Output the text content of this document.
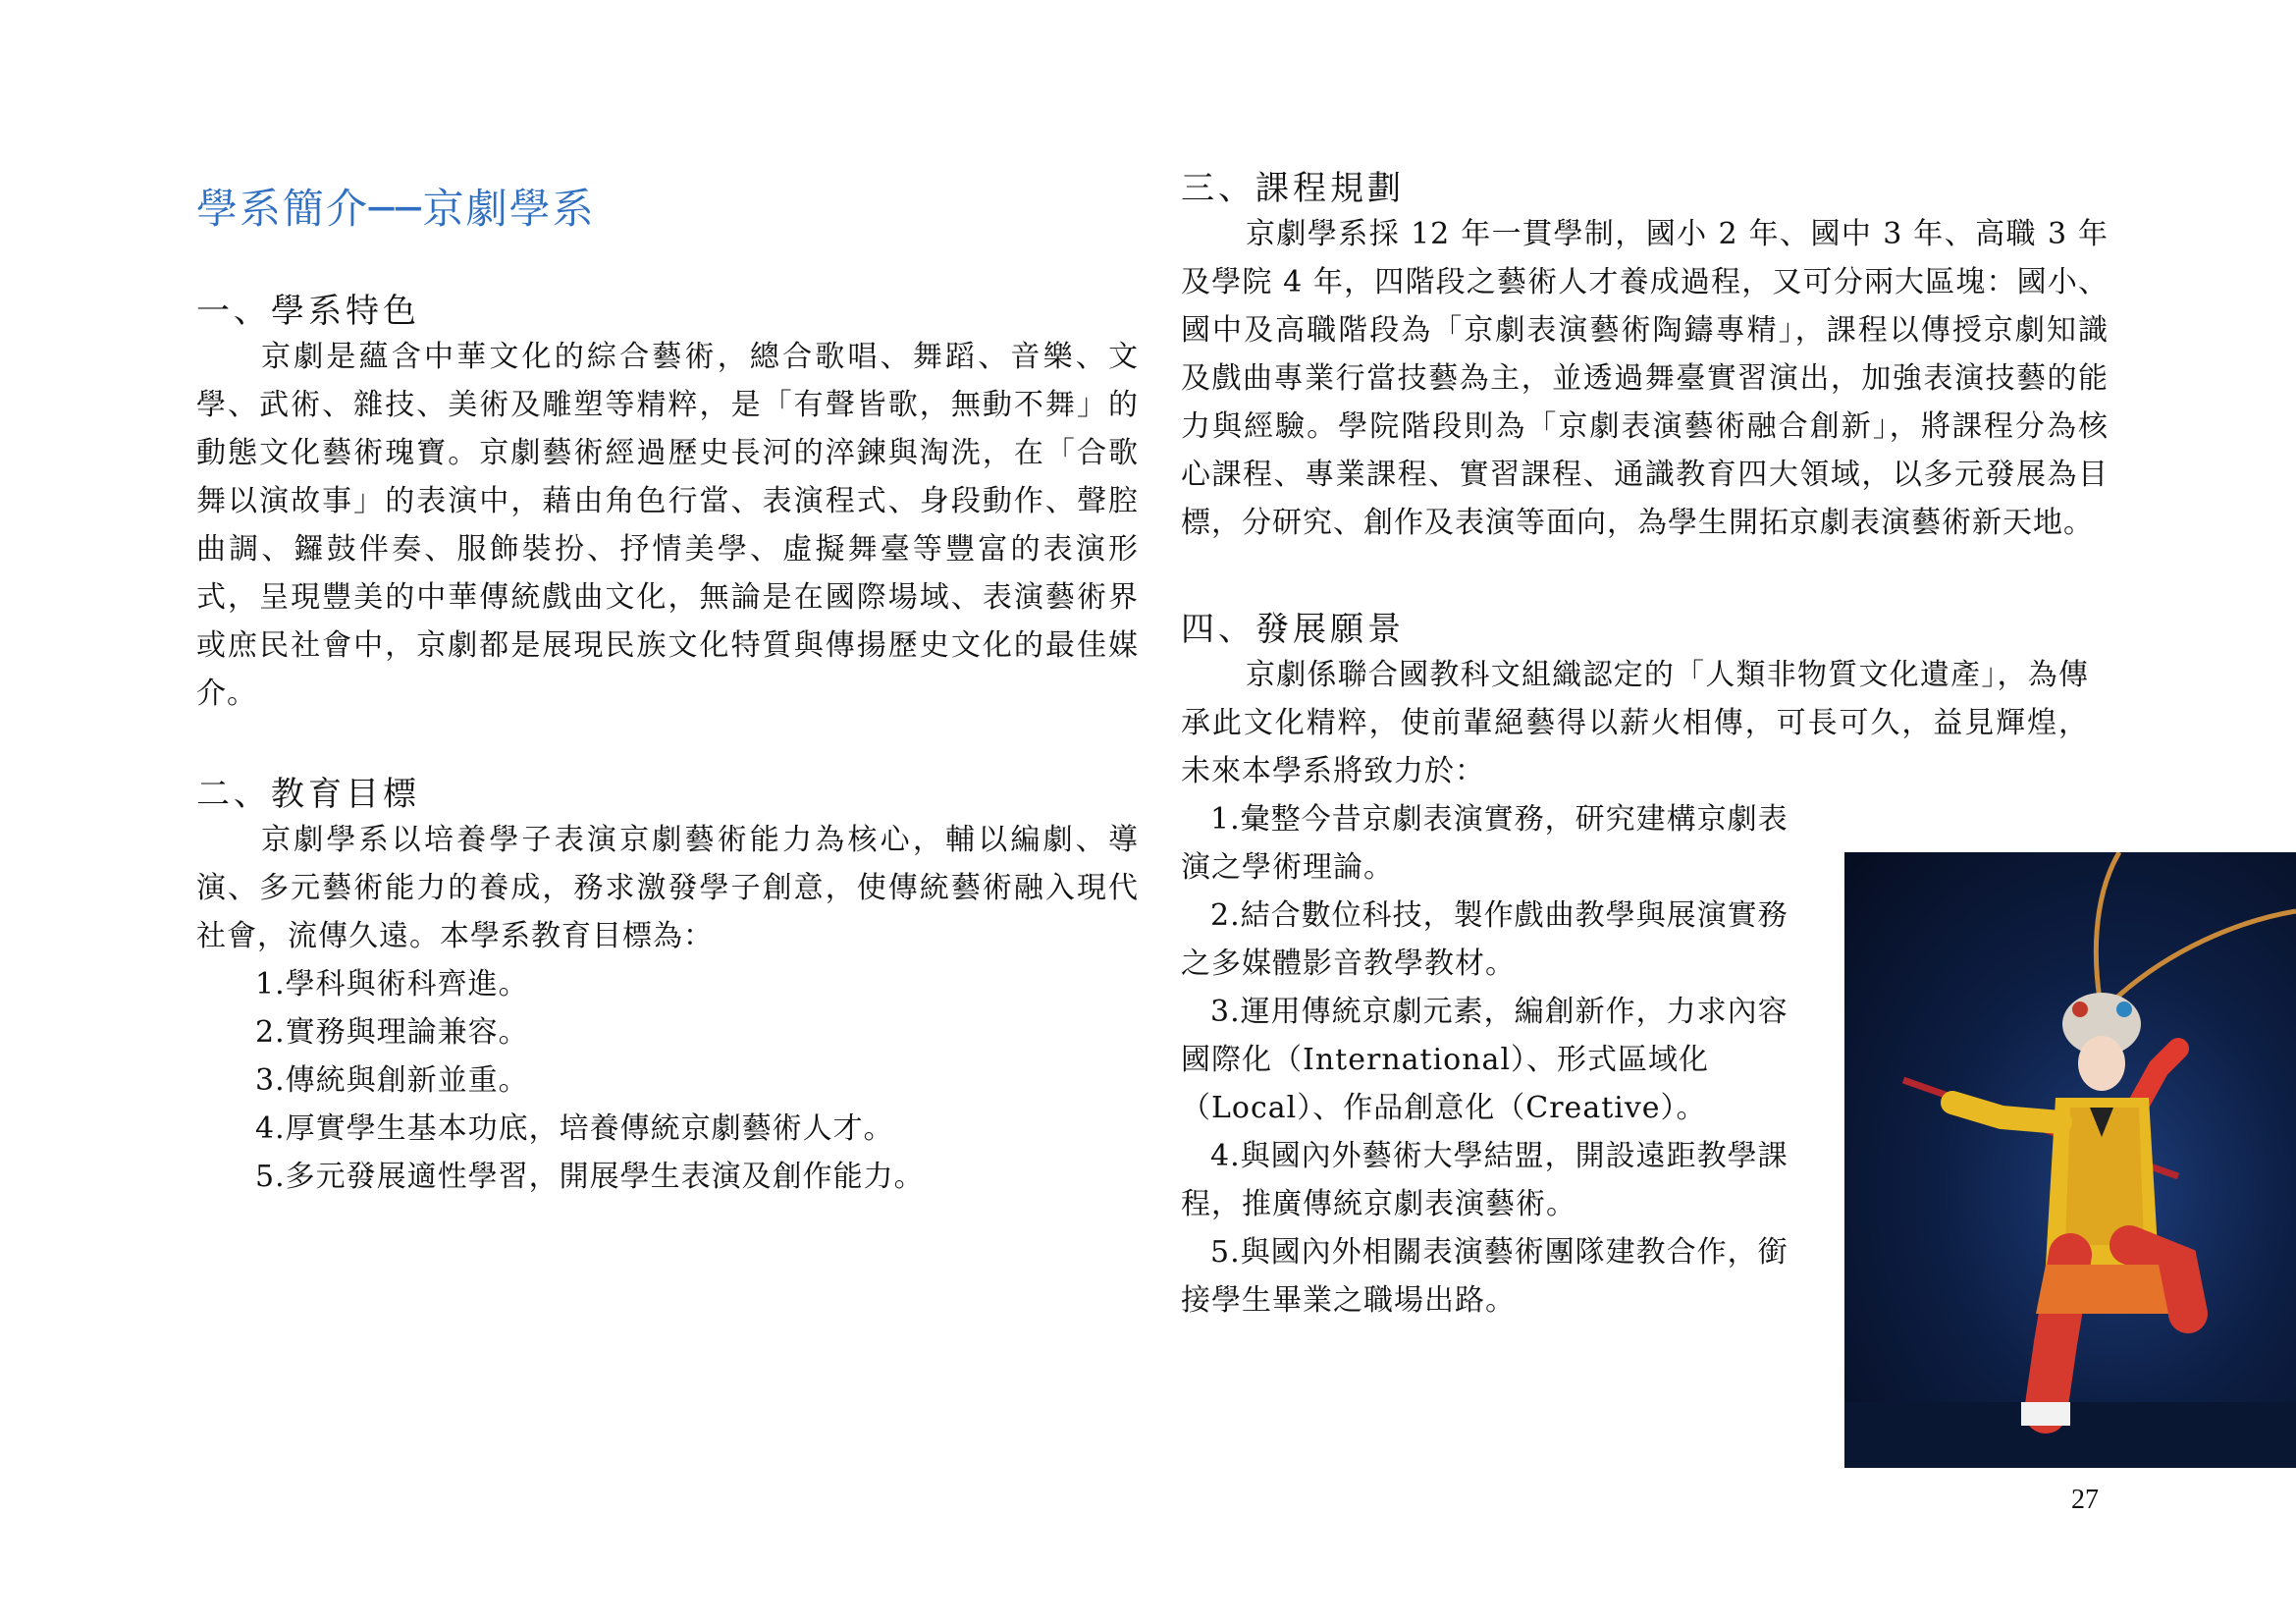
學系簡介──京劇學系
一、學系特色

京劇是蘊含中華文化的綜合藝術，總合歌唱、舞蹈、音樂、文學、武術、雜技、美術及雕塑等精粹，是「有聲皆歌，無動不舞」的動態文化藝術瑰寶。京劇藝術經過歷史長河的淬鍊與淘洗，在「合歌舞以演故事」的表演中，藉由角色行當、表演程式、身段動作、聲腔曲調、鑼鼓伴奏、服飾裝扮、抒情美學、虛擬舞臺等豐富的表演形式，呈現豐美的中華傳統戲曲文化，無論是在國際場域、表演藝術界或庶民社會中，京劇都是展現民族文化特質與傳揚歷史文化的最佳媒介。

二、教育目標

京劇學系以培養學子表演京劇藝術能力為核心，輔以編劇、導演、多元藝術能力的養成，務求激發學子創意，使傳統藝術融入現代社會，流傳久遠。本學系教育目標為：

1.學科與術科齊進。
2.實務與理論兼容。
3.傳統與創新並重。
4.厚實學生基本功底，培養傳統京劇藝術人才。
5.多元發展適性學習，開展學生表演及創作能力。
三、課程規劃

京劇學系採 12 年一貫學制，國小 2 年、國中 3 年、高職 3 年及學院 4 年，四階段之藝術人才養成過程，又可分兩大區塊：國小、國中及高職階段為「京劇表演藝術陶鑄專精」，課程以傳授京劇知識及戲曲專業行當技藝為主，並透過舞臺實習演出，加強表演技藝的能力與經驗。學院階段則為「京劇表演藝術融合創新」，將課程分為核心課程、專業課程、實習課程、通識教育四大領域，以多元發展為目標，分研究、創作及表演等面向，為學生開拓京劇表演藝術新天地。

四、發展願景

京劇係聯合國教科文組織認定的「人類非物質文化遺產」，為傳承此文化精粹，使前輩絕藝得以薪火相傳，可長可久，益見輝煌，未來本學系將致力於：

1.彙整今昔京劇表演實務，研究建構京劇表演之學術理論。
2.結合數位科技，製作戲曲教學與展演實務之多媒體影音教學教材。
3.運用傳統京劇元素，編創新作，力求內容國際化（International）、形式區域化（Local）、作品創意化（Creative）。
4.與國內外藝術大學結盟，開設遠距教學課程，推廣傳統京劇表演藝術。
5.與國內外相關表演藝術團隊建教合作，銜接學生畢業之職場出路。
27
